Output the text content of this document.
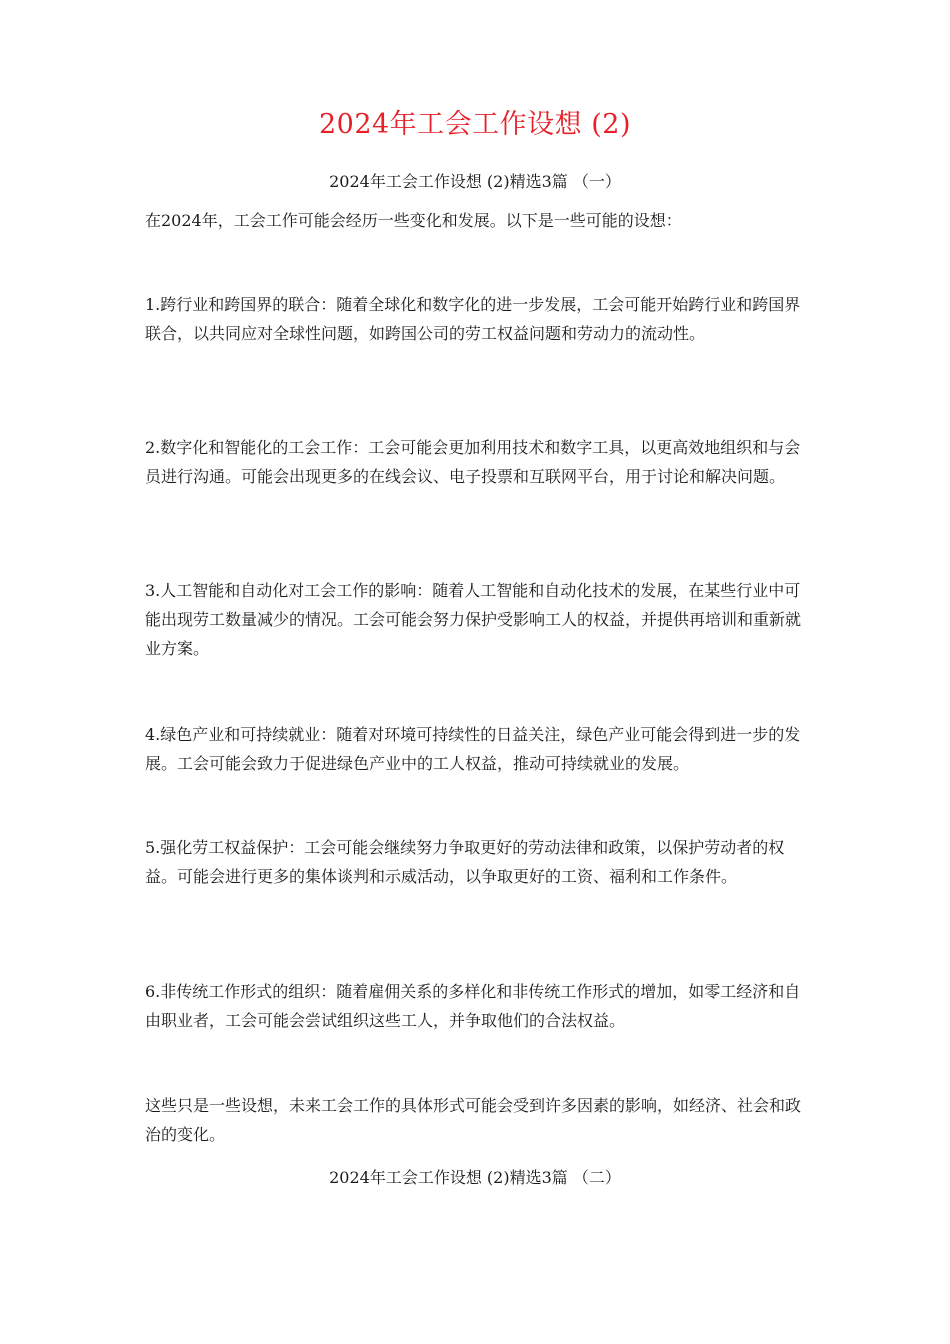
2024年工会工作设想 (2)
2024年工会工作设想 (2)精选3篇 （一）

在2024年，工会工作可能会经历一些变化和发展。以下是一些可能的设想：

1.跨行业和跨国界的联合：随着全球化和数字化的进一步发展，工会可能开始跨行业和跨国界联合，以共同应对全球性问题，如跨国公司的劳工权益问题和劳动力的流动性。

2.数字化和智能化的工会工作：工会可能会更加利用技术和数字工具，以更高效地组织和与会员进行沟通。可能会出现更多的在线会议、电子投票和互联网平台，用于讨论和解决问题。

3.人工智能和自动化对工会工作的影响：随着人工智能和自动化技术的发展，在某些行业中可能出现劳工数量减少的情况。工会可能会努力保护受影响工人的权益，并提供再培训和重新就业方案。

4.绿色产业和可持续就业：随着对环境可持续性的日益关注，绿色产业可能会得到进一步的发展。工会可能会致力于促进绿色产业中的工人权益，推动可持续就业的发展。

5.强化劳工权益保护：工会可能会继续努力争取更好的劳动法律和政策，以保护劳动者的权益。可能会进行更多的集体谈判和示威活动，以争取更好的工资、福利和工作条件。

6.非传统工作形式的组织：随着雇佣关系的多样化和非传统工作形式的增加，如零工经济和自由职业者，工会可能会尝试组织这些工人，并争取他们的合法权益。

这些只是一些设想，未来工会工作的具体形式可能会受到许多因素的影响，如经济、社会和政治的变化。

2024年工会工作设想 (2)精选3篇 （二）
